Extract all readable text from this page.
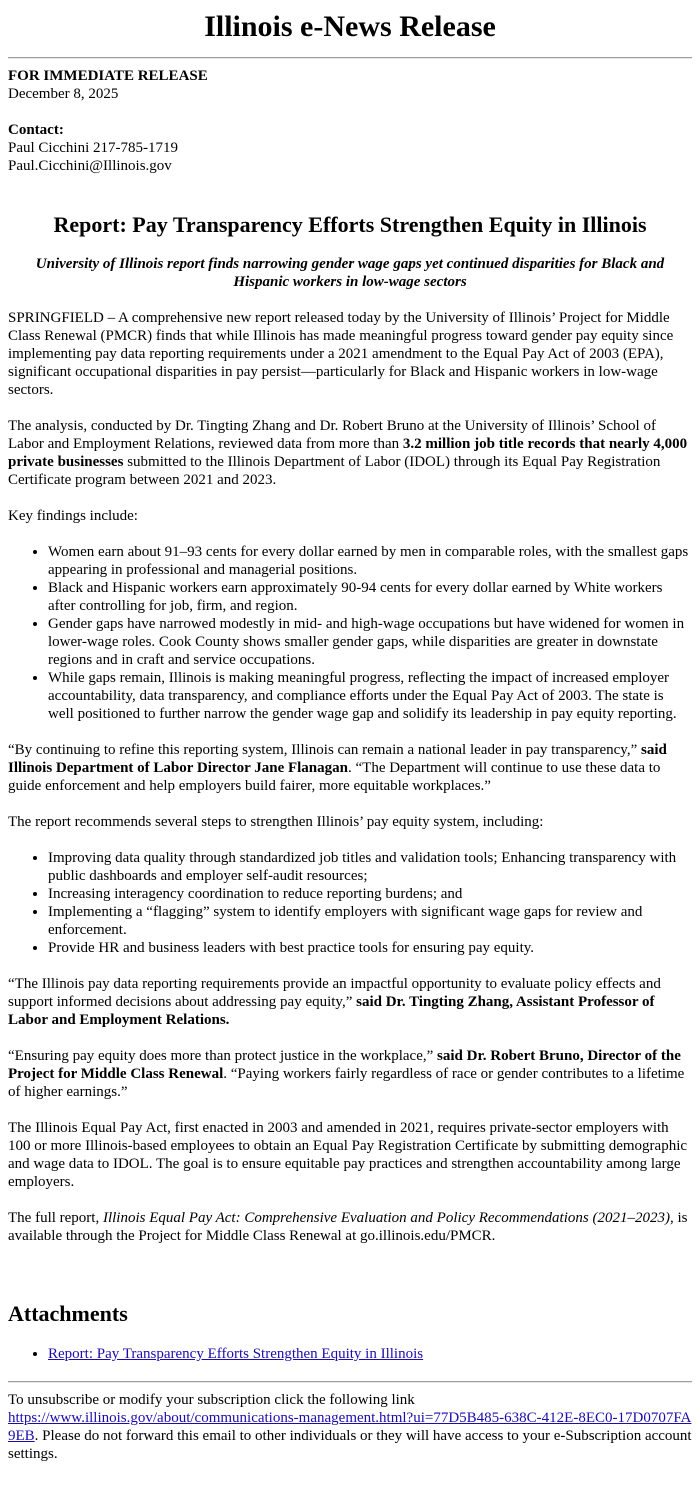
Illinois e-News Release
FOR IMMEDIATE RELEASE
December 8, 2025
Contact:
Paul Cicchini 217-785-1719
Paul.Cicchini@Illinois.gov
Report: Pay Transparency Efforts Strengthen Equity in Illinois

University of Illinois report finds narrowing gender wage gaps yet continued disparities for Black and Hispanic workers in low-wage sectors

SPRINGFIELD – A comprehensive new report released today by the University of Illinois’ Project for Middle Class Renewal (PMCR) finds that while Illinois has made meaningful progress toward gender pay equity since implementing pay data reporting requirements under a 2021 amendment to the Equal Pay Act of 2003 (EPA), significant occupational disparities in pay persist—particularly for Black and Hispanic workers in low-wage sectors.

The analysis, conducted by Dr. Tingting Zhang and Dr. Robert Bruno at the University of Illinois’ School of Labor and Employment Relations, reviewed data from more than 3.2 million job title records that nearly 4,000 private businesses submitted to the Illinois Department of Labor (IDOL) through its Equal Pay Registration Certificate program between 2021 and 2023.

Key findings include:

• Women earn about 91–93 cents for every dollar earned by men in comparable roles, with the smallest gaps appearing in professional and managerial positions.
• Black and Hispanic workers earn approximately 90-94 cents for every dollar earned by White workers after controlling for job, firm, and region.
• Gender gaps have narrowed modestly in mid- and high-wage occupations but have widened for women in lower-wage roles. Cook County shows smaller gender gaps, while disparities are greater in downstate regions and in craft and service occupations.
• While gaps remain, Illinois is making meaningful progress, reflecting the impact of increased employer accountability, data transparency, and compliance efforts under the Equal Pay Act of 2003. The state is well positioned to further narrow the gender wage gap and solidify its leadership in pay equity reporting.

“By continuing to refine this reporting system, Illinois can remain a national leader in pay transparency,” said Illinois Department of Labor Director Jane Flanagan. “The Department will continue to use these data to guide enforcement and help employers build fairer, more equitable workplaces.”

The report recommends several steps to strengthen Illinois’ pay equity system, including:

• Improving data quality through standardized job titles and validation tools; Enhancing transparency with public dashboards and employer self-audit resources;
• Increasing interagency coordination to reduce reporting burdens; and
• Implementing a “flagging” system to identify employers with significant wage gaps for review and enforcement.
• Provide HR and business leaders with best practice tools for ensuring pay equity.

“The Illinois pay data reporting requirements provide an impactful opportunity to evaluate policy effects and support informed decisions about addressing pay equity,” said Dr. Tingting Zhang, Assistant Professor of Labor and Employment Relations.

“Ensuring pay equity does more than protect justice in the workplace,” said Dr. Robert Bruno, Director of the Project for Middle Class Renewal. “Paying workers fairly regardless of race or gender contributes to a lifetime of higher earnings.”

The Illinois Equal Pay Act, first enacted in 2003 and amended in 2021, requires private-sector employers with 100 or more Illinois-based employees to obtain an Equal Pay Registration Certificate by submitting demographic and wage data to IDOL. The goal is to ensure equitable pay practices and strengthen accountability among large employers.

The full report, Illinois Equal Pay Act: Comprehensive Evaluation and Policy Recommendations (2021–2023), is available through the Project for Middle Class Renewal at go.illinois.edu/PMCR.

Attachments
• Report: Pay Transparency Efforts Strengthen Equity in Illinois

To unsubscribe or modify your subscription click the following link
https://www.illinois.gov/about/communications-management.html?ui=77D5B485-638C-412E-8EC0-17D0707FA9EB. Please do not forward this email to other individuals or they will have access to your e-Subscription account settings.
